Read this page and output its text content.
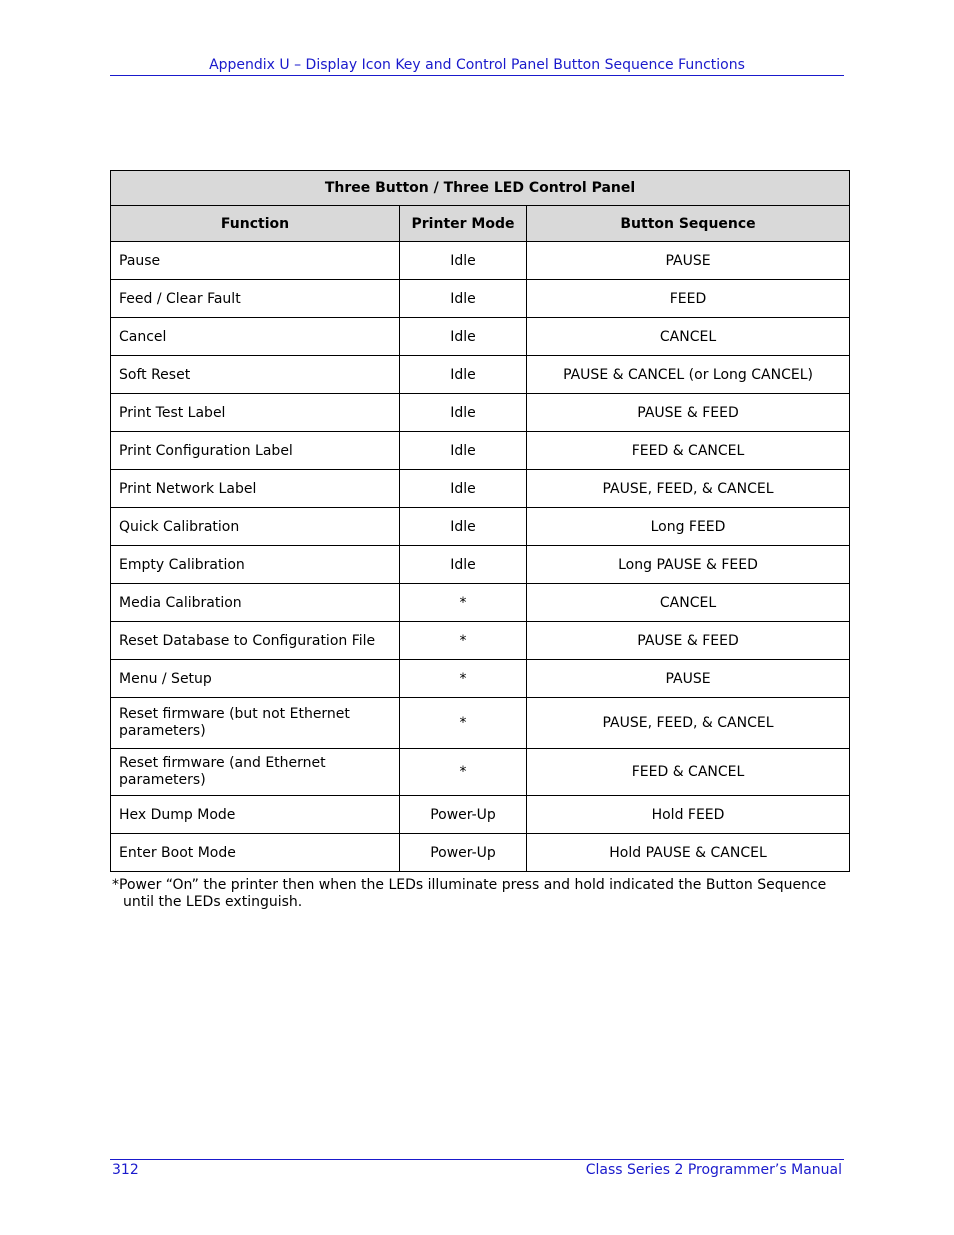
Appendix U – Display Icon Key and Control Panel Button Sequence Functions
Three Button / Three LED Control Panel		
Function	Printer Mode	Button Sequence
Pause	Idle	PAUSE
Feed / Clear Fault	Idle	FEED
Cancel	Idle	CANCEL
Soft Reset	Idle	PAUSE & CANCEL (or Long CANCEL)
Print Test Label	Idle	PAUSE & FEED
Print Configuration Label	Idle	FEED & CANCEL
Print Network Label	Idle	PAUSE, FEED, & CANCEL
Quick Calibration	Idle	Long FEED
Empty Calibration	Idle	Long PAUSE & FEED
Media Calibration	*	CANCEL
Reset Database to Configuration File	*	PAUSE & FEED
Menu / Setup	*	PAUSE
Reset firmware (but not Ethernet parameters)	*	PAUSE, FEED, & CANCEL
Reset firmware (and Ethernet parameters)	*	FEED & CANCEL
Hex Dump Mode	Power-Up	Hold FEED
Enter Boot Mode	Power-Up	Hold PAUSE & CANCEL
*Power “On” the printer then when the LEDs illuminate press and hold indicated the Button Sequence
until the LEDs extinguish.
312	Class Series 2 Programmer’s Manual
